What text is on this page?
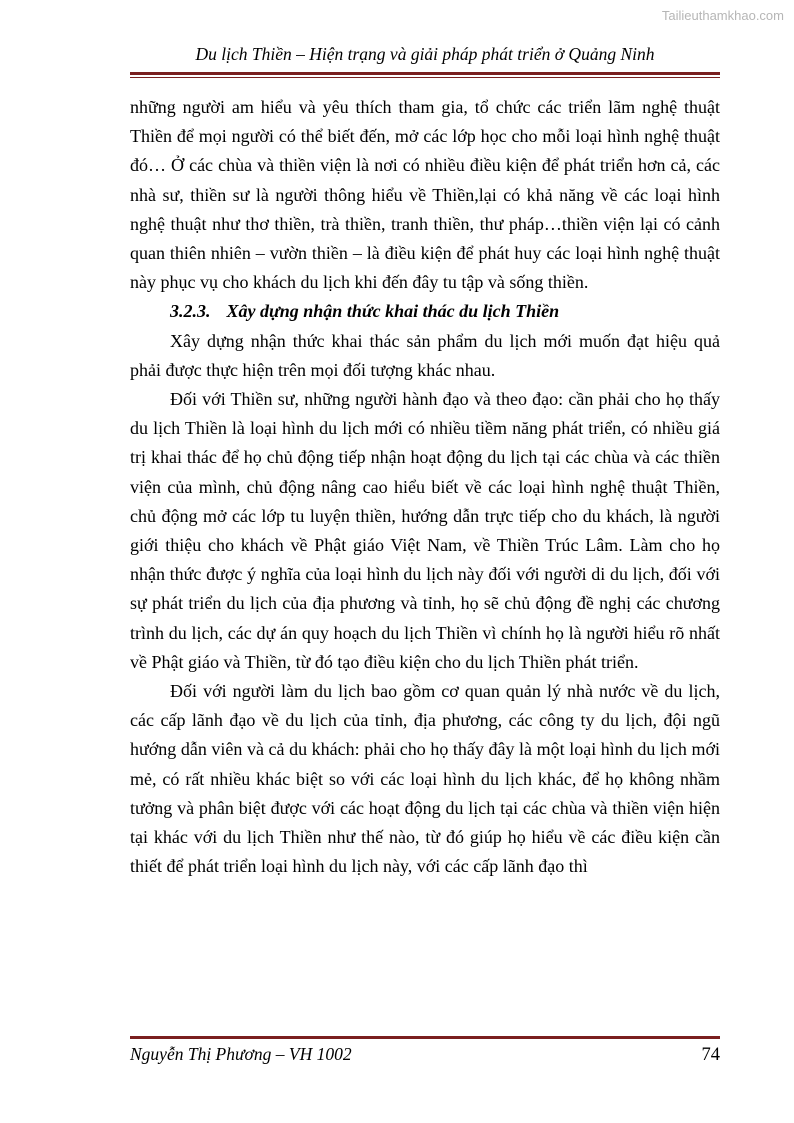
Tailieuthamkhao.com
Du lịch Thiền – Hiện trạng và giải pháp phát triển ở Quảng Ninh

những người am hiểu và yêu thích tham gia, tổ chức các triển lãm nghệ thuật Thiền để mọi người có thể biết đến, mở các lớp học cho mỗi loại hình nghệ thuật đó… Ở các chùa và thiền viện là nơi có nhiều điều kiện để phát triển hơn cả, các nhà sư, thiền sư là người thông hiểu về Thiền,lại có khả năng về các loại hình nghệ thuật như thơ thiền, trà thiền, tranh thiền, thư pháp…thiền viện lại có cảnh quan thiên nhiên – vườn thiền – là điều kiện để phát huy các loại hình nghệ thuật này phục vụ cho khách du lịch khi đến đây tu tập và sống thiền.

3.2.3. Xây dựng nhận thức khai thác du lịch Thiền

Xây dựng nhận thức khai thác sản phẩm du lịch mới muốn đạt hiệu quả phải được thực hiện trên mọi đối tượng khác nhau.

Đối với Thiền sư, những người hành đạo và theo đạo: cần phải cho họ thấy du lịch Thiền là loại hình du lịch mới có nhiều tiềm năng phát triển, có nhiều giá trị khai thác để họ chủ động tiếp nhận hoạt động du lịch tại các chùa và các thiền viện của mình, chủ động nâng cao hiểu biết về các loại hình nghệ thuật Thiền, chủ động mở các lớp tu luyện thiền, hướng dẫn trực tiếp cho du khách, là người giới thiệu cho khách về Phật giáo Việt Nam, về Thiền Trúc Lâm. Làm cho họ nhận thức được ý nghĩa của loại hình du lịch này đối với người di du lịch, đối với sự phát triển du lịch của địa phương và tỉnh, họ sẽ chủ động đề nghị các chương trình du lịch, các dự án quy hoạch du lịch Thiền vì chính họ là người hiểu rõ nhất về Phật giáo và Thiền, từ đó tạo điều kiện cho du lịch Thiền phát triển.

Đối với người làm du lịch bao gồm cơ quan quản lý nhà nước về du lịch, các cấp lãnh đạo về du lịch của tỉnh, địa phương, các công ty du lịch, đội ngũ hướng dẫn viên và cả du khách: phải cho họ thấy đây là một loại hình du lịch mới mẻ, có rất nhiều khác biệt so với các loại hình du lịch khác, để họ không nhầm tưởng và phân biệt được với các hoạt động du lịch tại các chùa và thiền viện hiện tại khác với du lịch Thiền như thế nào, từ đó giúp họ hiểu về các điều kiện cần thiết để phát triển loại hình du lịch này, với các cấp lãnh đạo thì

Nguyễn Thị Phương – VH 1002	74
